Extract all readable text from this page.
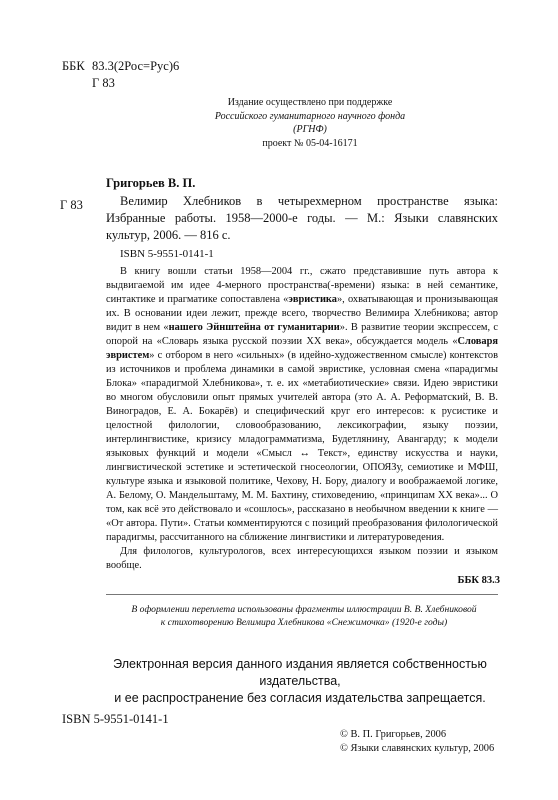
ББК 83.3(2Рос=Рус)6
Г 83
Издание осуществлено при поддержке
Российского гуманитарного научного фонда
(РГНФ)
проект № 05-04-16171
Г 83
Григорьев В. П.
Велимир Хлебников в четырехмерном пространстве языка: Избранные работы. 1958—2000-е годы. — М.: Языки славянских культур, 2006. — 816 с.
ISBN 5-9551-0141-1

В книгу вошли статьи 1958—2004 гг., сжато представившие путь автора к выдвигаемой им идее 4-мерного пространства(-времени) языка: в ней семантике, синтактике и прагматике сопоставлена «эвристика», охватывающая и пронизывающая их. В основании идеи лежит, прежде всего, творчество Велимира Хлебникова; автор видит в нем «нашего Эйнштейна от гуманитарии». В развитие теории экспрессем, с опорой на «Словарь языка русской поэзии XX века», обсуждается модель «Словаря эвристем» с отбором в него «сильных» (в идейно-художественном смысле) контекстов из источников и проблема динамики в самой эвристике, условная смена «парадигмы Блока» «парадигмой Хлебникова», т. е. их «метабиотические» связи. Идею эвристики во многом обусловили опыт прямых учителей автора (это А. А. Реформатский, В. В. Виноградов, Е. А. Бокарёв) и специфический круг его интересов: к русистике и целостной филологии, словообразованию, лексикографии, языку поэзии, интерлингвистике, кризису младограмматизма, Будетлянину, Авангарду; к модели языковых функций и модели «Смысл ↔ Текст», единству искусства и науки, лингвистической эстетике и эстетической гносеологии, ОПОЯЗу, семиотике и МФШ, культуре языка и языковой политике, Чехову, Н. Бору, диалогу и воображаемой логике, А. Белому, О. Мандельштаму, М. М. Бахтину, стиховедению, «принципам XX века»... О том, как всё это действовало и «сошлось», рассказано в необычном введении к книге — «От автора. Пути». Статьи комментируются с позиций преобразования филологической парадигмы, рассчитанного на сближение лингвистики и литературоведения.

Для филологов, культурологов, всех интересующихся языком поэзии и языком вообще.

ББК 83.3
В оформлении переплета использованы фрагменты иллюстрации В. В. Хлебниковой
к стихотворению Велимира Хлебникова «Снежимочка» (1920-е годы)
Электронная версия данного издания является собственностью издательства,
и ее распространение без согласия издательства запрещается.
ISBN 5-9551-0141-1
© В. П. Григорьев, 2006
© Языки славянских культур, 2006
